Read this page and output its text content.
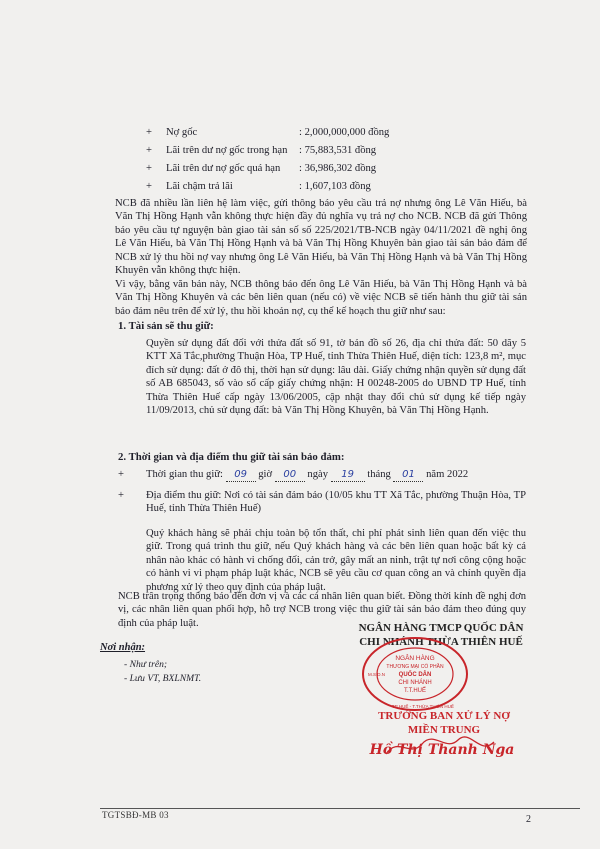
+ Nợ gốc	: 2,000,000,000 đồng
+ Lãi trên dư nợ gốc trong hạn : 75,883,531 đồng
+ Lãi trên dư nợ gốc quá hạn : 36,986,302 đồng
+ Lãi chậm trả lãi	: 1,607,103 đồng
NCB đã nhiều lần liên hệ làm việc, gửi thông báo yêu cầu trả nợ nhưng ông Lê Văn Hiếu, bà Văn Thị Hồng Hạnh vẫn không thực hiện đầy đủ nghĩa vụ trả nợ cho NCB. NCB đã gửi Thông báo yêu cầu tự nguyện bàn giao tài sản số số 225/2021/TB-NCB ngày 04/11/2021 đề nghị ông Lê Văn Hiếu, bà Văn Thị Hồng Hạnh và bà Văn Thị Hồng Khuyên bàn giao tài sản bảo đảm để NCB xử lý thu hồi nợ vay nhưng ông Lê Văn Hiếu, bà Văn Thị Hồng Hạnh và bà Văn Thị Hồng Khuyên vẫn không thực hiện.
Vì vậy, bằng văn bản này, NCB thông báo đến ông Lê Văn Hiếu, bà Văn Thị Hồng Hạnh và bà Văn Thị Hồng Khuyên và các bên liên quan (nếu có) về việc NCB sẽ tiến hành thu giữ tài sản bảo đảm nêu trên để xử lý, thu hồi khoản nợ, cụ thể kế hoạch thu giữ như sau:
1. Tài sản sẽ thu giữ:
Quyền sử dụng đất đối với thửa đất số 91, tờ bản đồ số 26, địa chỉ thửa đất: 50 dãy 5 KTT Xã Tắc,phường Thuận Hòa, TP Huế, tỉnh Thừa Thiên Huế, diện tích: 123,8 m², mục đích sử dụng: đất ở đô thị, thời hạn sử dụng: lâu dài. Giấy chứng nhận quyền sử dụng đất số AB 685043, số vào sổ cấp giấy chứng nhận: H 00248-2005 do UBND TP Huế, tỉnh Thừa Thiên Huế cấp ngày 13/06/2005, cập nhật thay đổi chủ sử dụng kế tiếp ngày 11/09/2013, chủ sử dụng đất: bà Văn Thị Hồng Khuyên, bà Văn Thị Hồng Hạnh.
2. Thời gian và địa điểm thu giữ tài sản bảo đảm:
+ Thời gian thu giữ: 09 giờ 00 ngày 19 tháng 01 năm 2022
+ Địa điểm thu giữ: Nơi có tài sản đảm bảo (10/05 khu TT Xã Tắc, phường Thuận Hòa, TP Huế, tỉnh Thừa Thiên Huế)
Quý khách hàng sẽ phải chịu toàn bộ tổn thất, chi phí phát sinh liên quan đến việc thu giữ. Trong quá trình thu giữ, nếu Quý khách hàng và các bên liên quan hoặc bất kỳ cá nhân nào khác có hành vi chống đối, cản trở, gây mất an ninh, trật tự nơi công cộng hoặc có hành vi vi phạm pháp luật khác, NCB sẽ yêu cầu cơ quan công an và chính quyền địa phương xử lý theo quy định của pháp luật.
NCB trân trọng thông báo đến đơn vị và các cá nhân liên quan biết. Đồng thời kính đề nghị đơn vị, các nhân liên quan phối hợp, hỗ trợ NCB trong việc thu giữ tài sản bảo đảm theo đúng quy định của pháp luật.
Nơi nhận:
- Như trên;
- Lưu VT, BXLNMT.
NGÂN HÀNG TMCP QUỐC DÂN
CHI NHÁNH THỪA THIÊN HUẾ
NGÂN HÀNG
THƯƠNG MẠI CỔ PHẦN
QUỐC DÂN
CHI NHÁNH
T.T.HUẾ
M.S.D.N
TP HUẾ - T.THỪA THIÊN HUẾ
TRƯỞNG BAN XỬ LÝ NỢ
MIỀN TRUNG
Hồ Thị Thanh Nga
TGTSBĐ-MB 03	2
